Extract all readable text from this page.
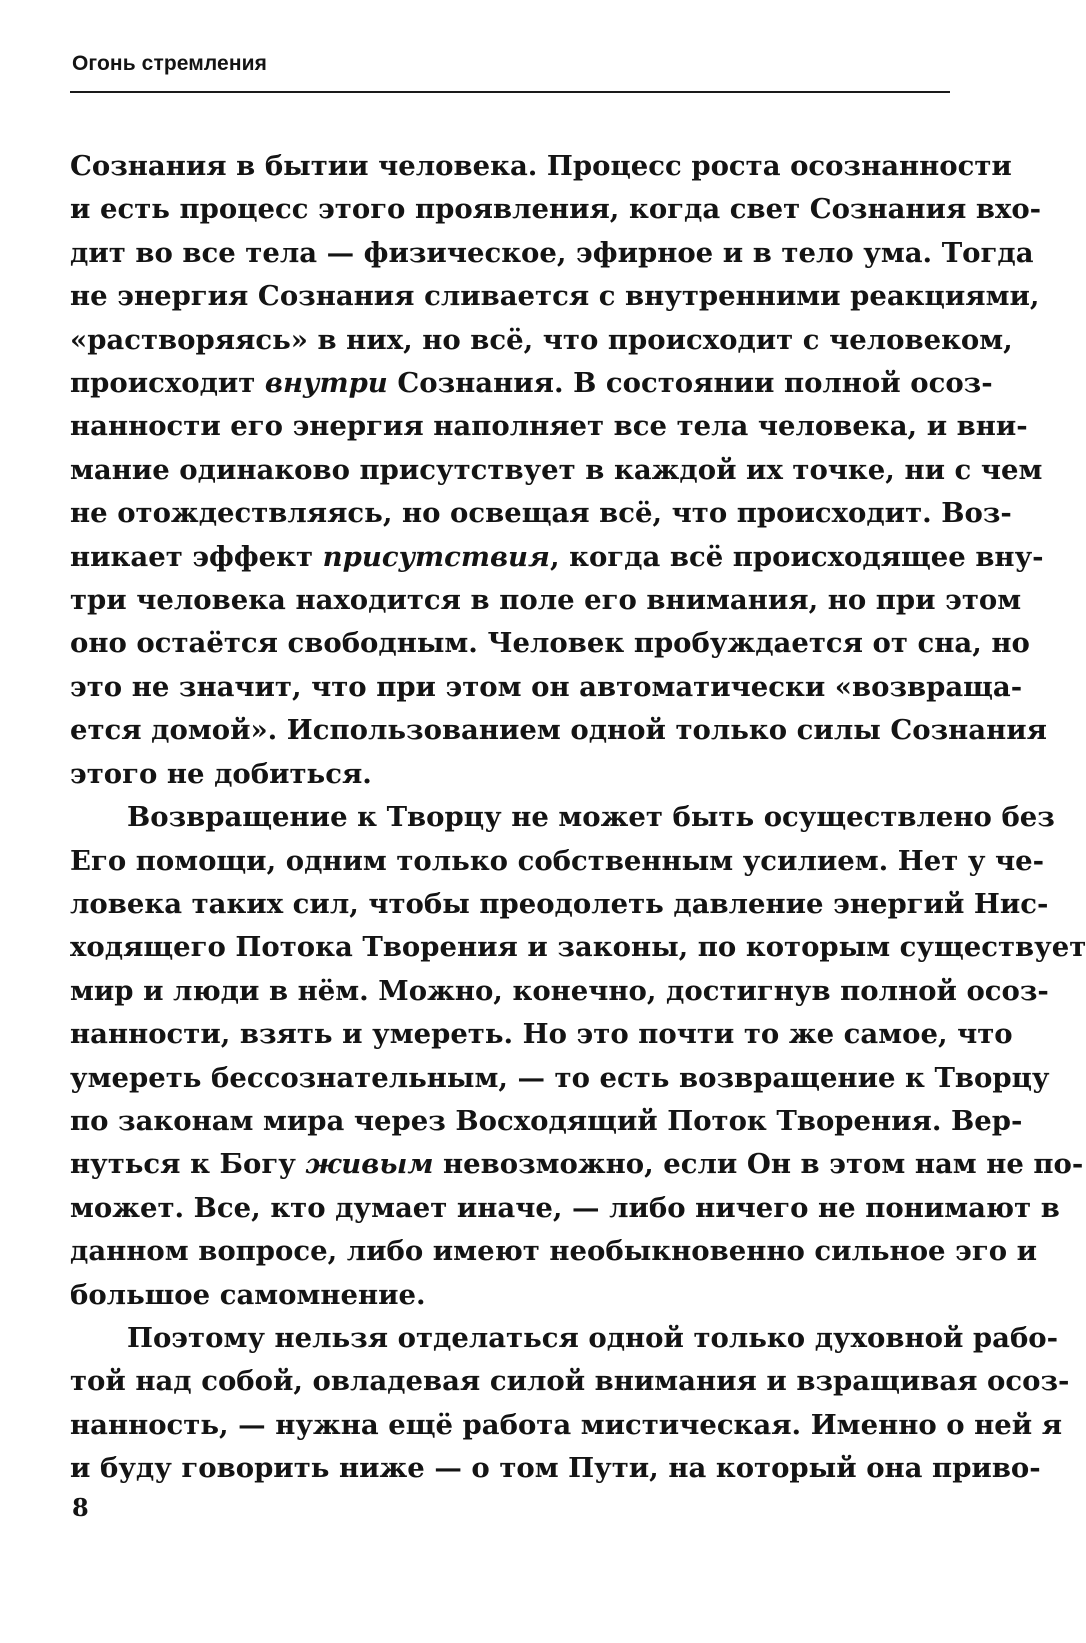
Огонь стремления

Сознания в бытии человека. Процесс роста осознанности
и есть процесс этого проявления, когда свет Сознания вхо-
дит во все тела — физическое, эфирное и в тело ума. Тогда
не энергия Сознания сливается с внутренними реакциями,
«растворяясь» в них, но всё, что происходит с человеком,
происходит внутри Сознания. В состоянии полной осоз-
нанности его энергия наполняет все тела человека, и вни-
мание одинаково присутствует в каждой их точке, ни с чем
не отождествляясь, но освещая всё, что происходит. Воз-
никает эффект присутствия, когда всё происходящее вну-
три человека находится в поле его внимания, но при этом
оно остаётся свободным. Человек пробуждается от сна, но
это не значит, что при этом он автоматически «возвраща-
ется домой». Использованием одной только силы Сознания
этого не добиться.

Возвращение к Творцу не может быть осуществлено без
Его помощи, одним только собственным усилием. Нет у че-
ловека таких сил, чтобы преодолеть давление энергий Нис-
ходящего Потока Творения и законы, по которым существует
мир и люди в нём. Можно, конечно, достигнув полной осоз-
нанности, взять и умереть. Но это почти то же самое, что
умереть бессознательным, — то есть возвращение к Творцу
по законам мира через Восходящий Поток Творения. Вер-
нуться к Богу живым невозможно, если Он в этом нам не по-
может. Все, кто думает иначе, — либо ничего не понимают в
данном вопросе, либо имеют необыкновенно сильное эго и
большое самомнение.

Поэтому нельзя отделаться одной только духовной рабо-
той над собой, овладевая силой внимания и взращивая осоз-
нанность, — нужна ещё работа мистическая. Именно о ней я
и буду говорить ниже — о том Пути, на который она приво-

8
